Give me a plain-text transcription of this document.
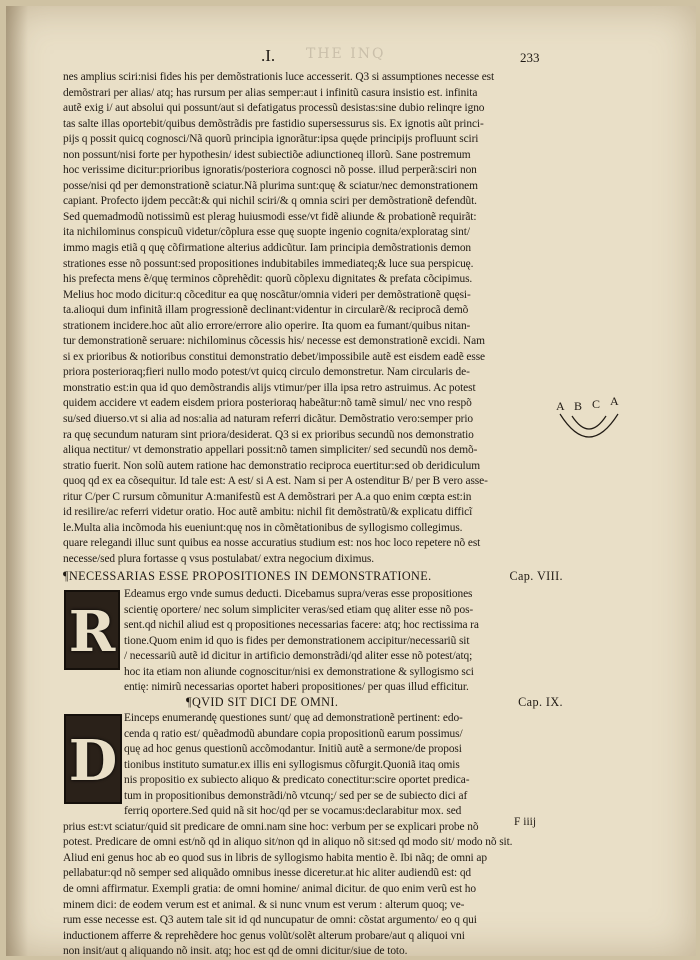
THE INQ
.I.	233
nes amplius sciri:nisi fides his per demõstrationis luce accesserit. Q3 si assumptiones necesse est
demõstrari per alias/ atq; has rursum per alias semper:aut i infinitũ casura insistio est. infinita
autẽ exig i/ aut absolui qui possunt/aut si defatigatus processũ desistas:sine dubio relinqre igno
tas salte illas oportebit/quibus demõstrãdis pre fastidio supersessurus sis. Ex ignotis aũt princi-
pijs q possit quicq cognosci/Nã quorũ principia ignorãtur:ipsa quęde principijs profluunt sciri
non possunt/nisi forte per hypothesin/ idest subiectiõe adiunctioneq illorũ. Sane postremum
hoc verissime dicitur:prioribus ignoratis/posteriora cognosci nõ posse. illud perperã:sciri non
posse/nisi qd per demonstrationẽ sciatur.Nã plurima sunt:quę & sciatur/nec demonstrationem
capiant. Profecto ijdem peccãt:& qui nichil sciri/& q omnia sciri per demõstrationẽ defendũt.
Sed quemadmodũ notissimũ est plerag huiusmodi esse/vt fidẽ aliunde & probationẽ requirãt:
ita nichilominus conspicuũ videtur/cõplura esse quę suopte ingenio cognita/exploratag sint/
immo magis etiã q quę cõfirmatione alterius addicũtur. Iam principia demõstrationis demon
strationes esse nõ possunt:sed propositiones indubitabiles immediateq;& luce sua perspicuę.
his prefecta mens ẽ/quę terminos cõprehẽdit: quorũ cõplexu dignitates & prefata cõcipimus.
Melius hoc modo dicitur:q cõceditur ea quę noscãtur/omnia videri per demõstrationẽ quęsi-
ta.alioqui dum infinitã illam progressionẽ declinant:videntur in circularẽ/& reciprocã demõ
strationem incidere.hoc aũt alio errore/errore alio operire. Ita quom ea fumant/quibus nitan-
tur demonstrationẽ seruare: nichilominus cõcessis his/ necesse est demonstrationẽ excidi. Nam
si ex prioribus & notioribus constitui demonstratio debet/impossibile autẽ est eisdem eadẽ esse
priora posterioraq;fieri nullo modo potest/vt quicq circulo demonstretur. Nam circularis de-
monstratio est:in qua id quo demõstrandis alijs vtimur/per illa ipsa retro astruimus. Ac potest
quidem accidere vt eadem eisdem priora posterioraq habeãtur:nõ tamẽ simul/ nec vno respõ
su/sed diuerso.vt si alia ad nos:alia ad naturam referri dicãtur. Demõstratio vero:semper prio
ra quę secundum naturam sint priora/desiderat. Q3 si ex prioribus secundũ nos demonstratio
aliqua nectitur/ vt demonstratio appellari possit:nõ tamen simpliciter/ sed secundũ nos demõ-
stratio fuerit. Non solũ autem ratione hac demonstratio reciproca euertitur:sed ob deridiculum
quoq qd ex ea cõsequitur. Id tale est: A est/ si A est. Nam si per A ostenditur B/ per B vero asse-
ritur C/per C rursum cõmunitur A:manifestũ est A demõstrari per A.a quo enim cœpta est:in
id resilire/ac referri videtur oratio. Hoc autẽ ambitu: nichil fit demõstratũ/& explicatu difficĩ
le.Multa alia incõmoda his eueniunt:quę nos in cõmẽtationibus de syllogismo collegimus.
quare relegandi illuc sunt quibus ea nosse accuratius studium est: nos hoc loco repetere nõ est
necesse/sed plura fortasse q vsus postulabat/ extra negocium diximus.
¶NECESSARIAS ESSE PROPOSITIONES IN DEMONSTRATIONE.	Cap. VIII.
R
Edeamus ergo vnde sumus deducti. Dicebamus supra/veras esse propositiones
scientię oportere/ nec solum simpliciter veras/sed etiam quę aliter esse nõ pos-
sent.qd nichil aliud est q propositiones necessarias facere: atq; hoc rectissima ra
tione.Quom enim id quo is fides per demonstrationem accipitur/necessariũ sit
/ necessariũ autẽ id dicitur in artificio demonstrãdi/qd aliter esse nõ potest/atq;
hoc ita etiam non aliunde cognoscitur/nisi ex demonstratione & syllogismo sci
entię: nimirũ necessarias oportet haberi propositiones/ per quas illud efficitur.
¶QVID SIT DICI DE OMNI.	Cap. IX.
D
Einceps enumerandę questiones sunt/ quę ad demonstrationẽ pertinent: edo-
cenda q ratio est/ quẽadmodũ abundare copia propositionũ earum possimus/
quę ad hoc genus questionũ accõmodantur. Initiũ autẽ a sermone/de proposi
tionibus instituto sumatur.ex illis eni syllogismus cõfurgit.Quoniã itaq omis
nis propositio ex subiecto aliquo & predicato conectitur:scire oportet predica-
tum in propositionibus demonstrãdi/nõ vtcunq;/ sed per se de subiecto dici af
ferriq oportere.Sed quid nã sit hoc/qd per se vocamus:declarabitur mox. sed
prius est:vt sciatur/quid sit predicare de omni.nam sine hoc: verbum per se explicari probe nõ
potest. Predicare de omni est/nõ qd in aliquo sit/non qd in aliquo nõ sit:sed qd modo sit/ modo nõ sit.
Aliud eni genus hoc ab eo quod sus in libris de syllogismo habita mentio ẽ. Ibi nãq; de omni ap
pellabatur:qd nõ semper sed aliquãdo omnibus inesse diceretur.at hic aliter audiendũ est: qd
de omni affirmatur. Exempli gratia: de omni homine/ animal dicitur. de quo enim verũ est ho
minem dici: de eodem verum est et animal. & si nunc vnum est verum : alterum quoq; ve-
rum esse necesse est. Q3 autem tale sit id qd nuncupatur de omni: cõstat argumento/ eo q qui
inductionem afferre & reprehẽdere hoc genus volũt/solẽt alterum probare/aut q aliquoi vni
non insit/aut q aliquando nõ insit. atq; hoc est qd de omni dicitur/siue de toto.
A B C A
F iiij
